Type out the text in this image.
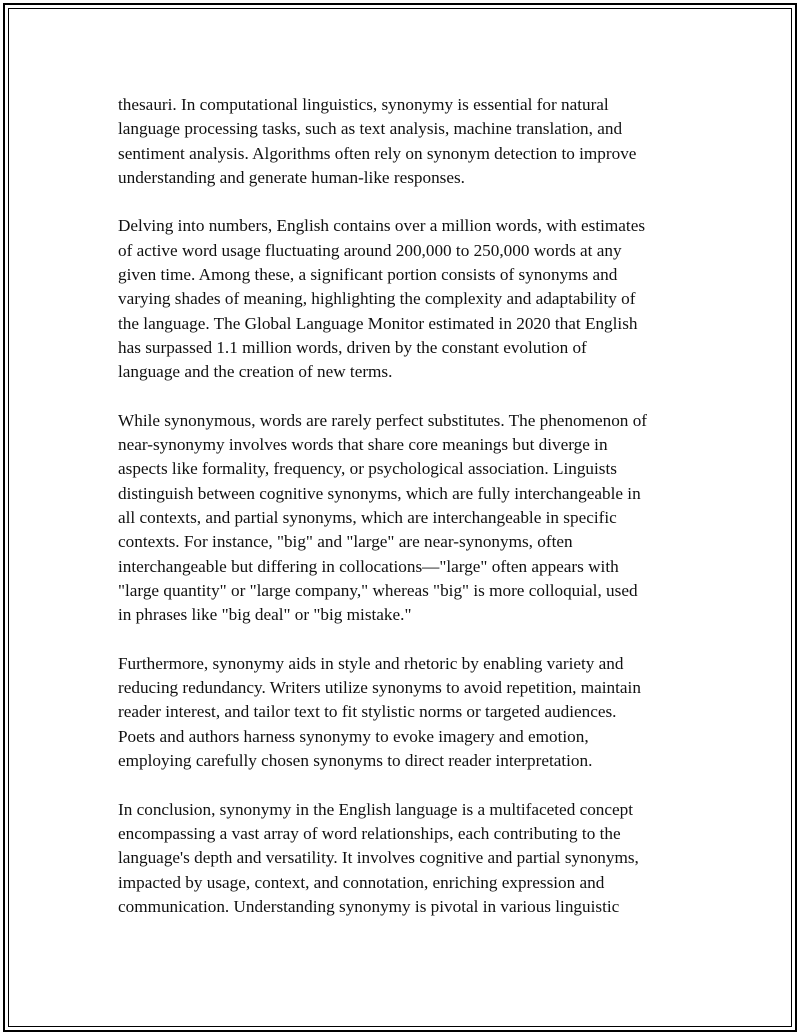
thesauri. In computational linguistics, synonymy is essential for natural
language processing tasks, such as text analysis, machine translation, and
sentiment analysis. Algorithms often rely on synonym detection to improve
understanding and generate human-like responses.

Delving into numbers, English contains over a million words, with estimates
of active word usage fluctuating around 200,000 to 250,000 words at any
given time. Among these, a significant portion consists of synonyms and
varying shades of meaning, highlighting the complexity and adaptability of
the language. The Global Language Monitor estimated in 2020 that English
has surpassed 1.1 million words, driven by the constant evolution of
language and the creation of new terms.

While synonymous, words are rarely perfect substitutes. The phenomenon of
near-synonymy involves words that share core meanings but diverge in
aspects like formality, frequency, or psychological association. Linguists
distinguish between cognitive synonyms, which are fully interchangeable in
all contexts, and partial synonyms, which are interchangeable in specific
contexts. For instance, "big" and "large" are near-synonyms, often
interchangeable but differing in collocations—"large" often appears with
"large quantity" or "large company," whereas "big" is more colloquial, used
in phrases like "big deal" or "big mistake."

Furthermore, synonymy aids in style and rhetoric by enabling variety and
reducing redundancy. Writers utilize synonyms to avoid repetition, maintain
reader interest, and tailor text to fit stylistic norms or targeted audiences.
Poets and authors harness synonymy to evoke imagery and emotion,
employing carefully chosen synonyms to direct reader interpretation.

In conclusion, synonymy in the English language is a multifaceted concept
encompassing a vast array of word relationships, each contributing to the
language's depth and versatility. It involves cognitive and partial synonyms,
impacted by usage, context, and connotation, enriching expression and
communication. Understanding synonymy is pivotal in various linguistic
